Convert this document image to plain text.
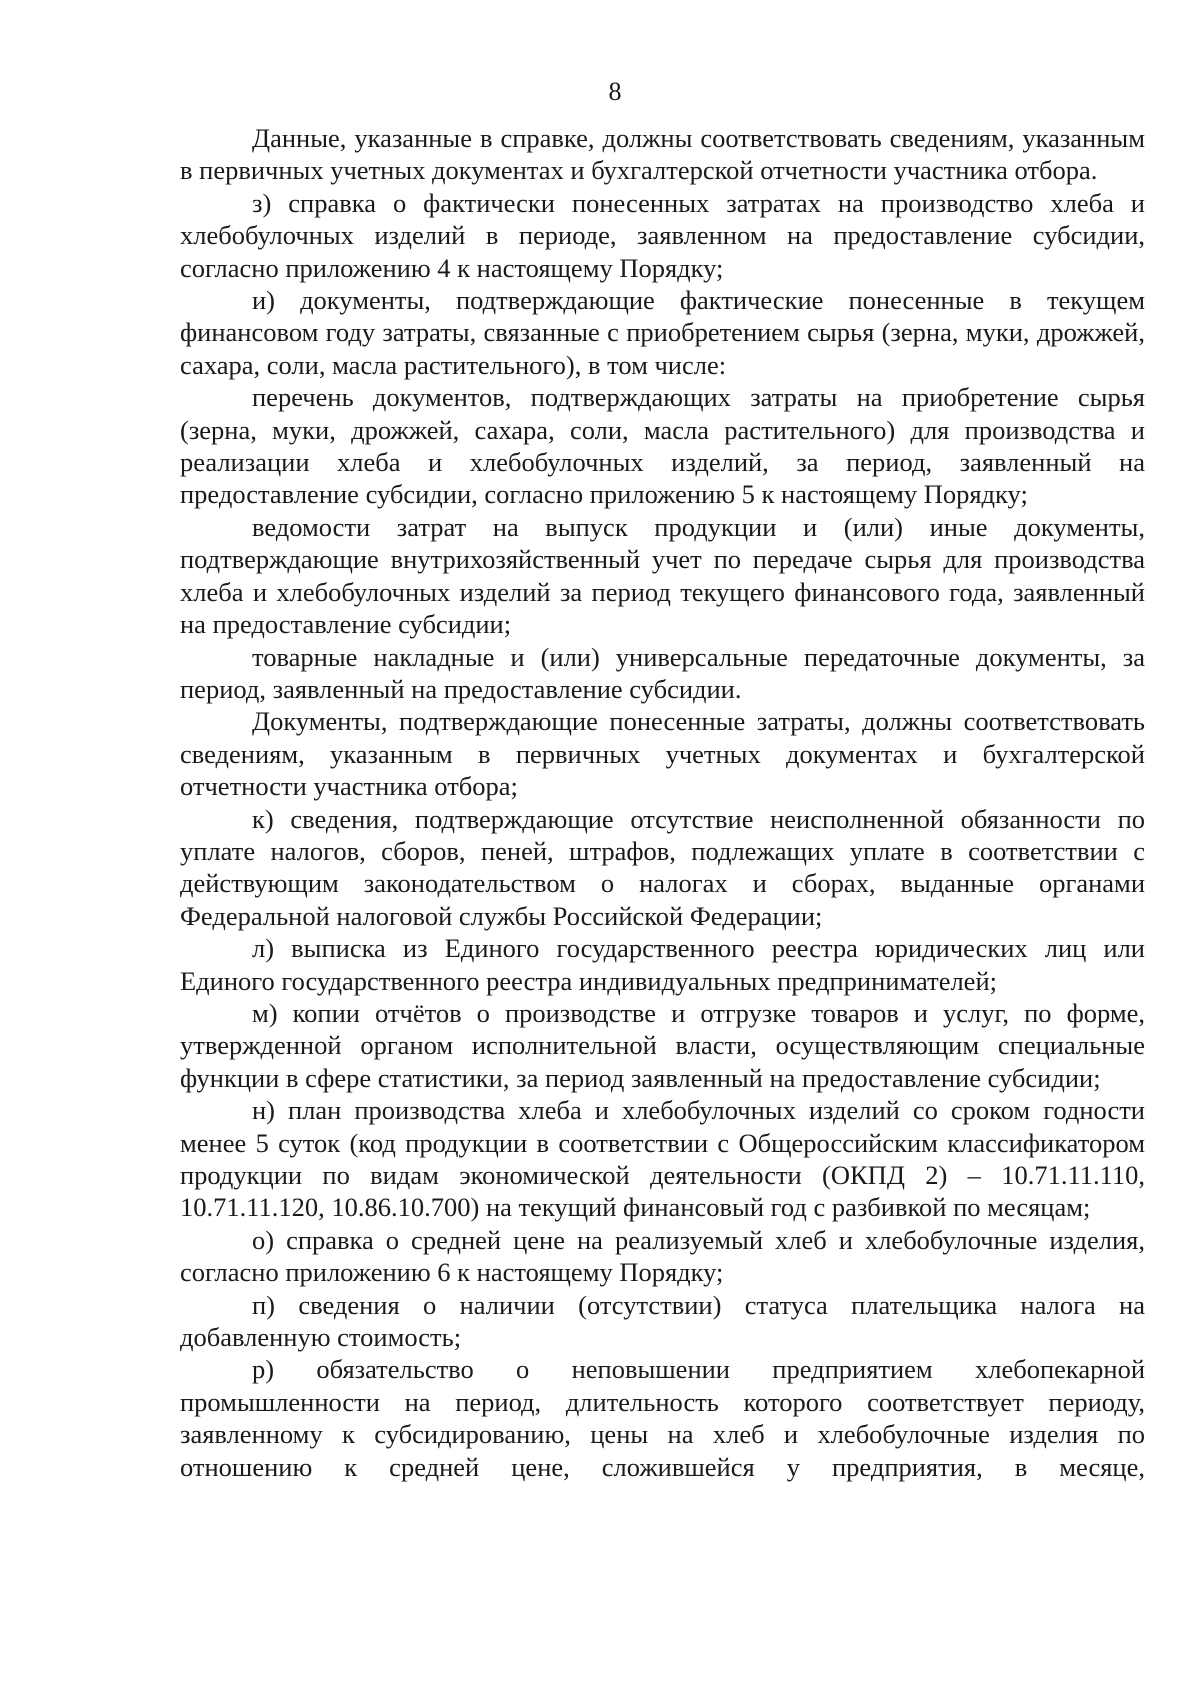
8

Данные, указанные в справке, должны соответствовать сведениям, указанным в первичных учетных документах и бухгалтерской отчетности участника отбора.

з) справка о фактически понесенных затратах на производство хлеба и хлебобулочных изделий в периоде, заявленном на предоставление субсидии, согласно приложению 4 к настоящему Порядку;

и) документы, подтверждающие фактические понесенные в текущем финансовом году затраты, связанные с приобретением сырья (зерна, муки, дрожжей, сахара, соли, масла растительного), в том числе:

перечень документов, подтверждающих затраты на приобретение сырья (зерна, муки, дрожжей, сахара, соли, масла растительного) для производства и реализации хлеба и хлебобулочных изделий, за период, заявленный на предоставление субсидии, согласно приложению 5 к настоящему Порядку;

ведомости затрат на выпуск продукции и (или) иные документы, подтверждающие внутрихозяйственный учет по передаче сырья для производства хлеба и хлебобулочных изделий за период текущего финансового года, заявленный на предоставление субсидии;

товарные накладные и (или) универсальные передаточные документы, за период, заявленный на предоставление субсидии.

Документы, подтверждающие понесенные затраты, должны соответствовать сведениям, указанным в первичных учетных документах и бухгалтерской отчетности участника отбора;

к) сведения, подтверждающие отсутствие неисполненной обязанности по уплате налогов, сборов, пеней, штрафов, подлежащих уплате в соответствии с действующим законодательством о налогах и сборах, выданные органами Федеральной налоговой службы Российской Федерации;

л) выписка из Единого государственного реестра юридических лиц или Единого государственного реестра индивидуальных предпринимателей;

м) копии отчётов о производстве и отгрузке товаров и услуг, по форме, утвержденной органом исполнительной власти, осуществляющим специальные функции в сфере статистики, за период заявленный на предоставление субсидии;

н) план производства хлеба и хлебобулочных изделий со сроком годности менее 5 суток (код продукции в соответствии с Общероссийским классификатором продукции по видам экономической деятельности (ОКПД 2) – 10.71.11.110, 10.71.11.120, 10.86.10.700) на текущий финансовый год с разбивкой по месяцам;

о) справка о средней цене на реализуемый хлеб и хлебобулочные изделия, согласно приложению 6 к настоящему Порядку;

п) сведения о наличии (отсутствии) статуса плательщика налога на добавленную стоимость;

р) обязательство о неповышении предприятием хлебопекарной промышленности на период, длительность которого соответствует периоду, заявленному к субсидированию, цены на хлеб и хлебобулочные изделия по отношению к средней цене, сложившейся у предприятия, в месяце,
